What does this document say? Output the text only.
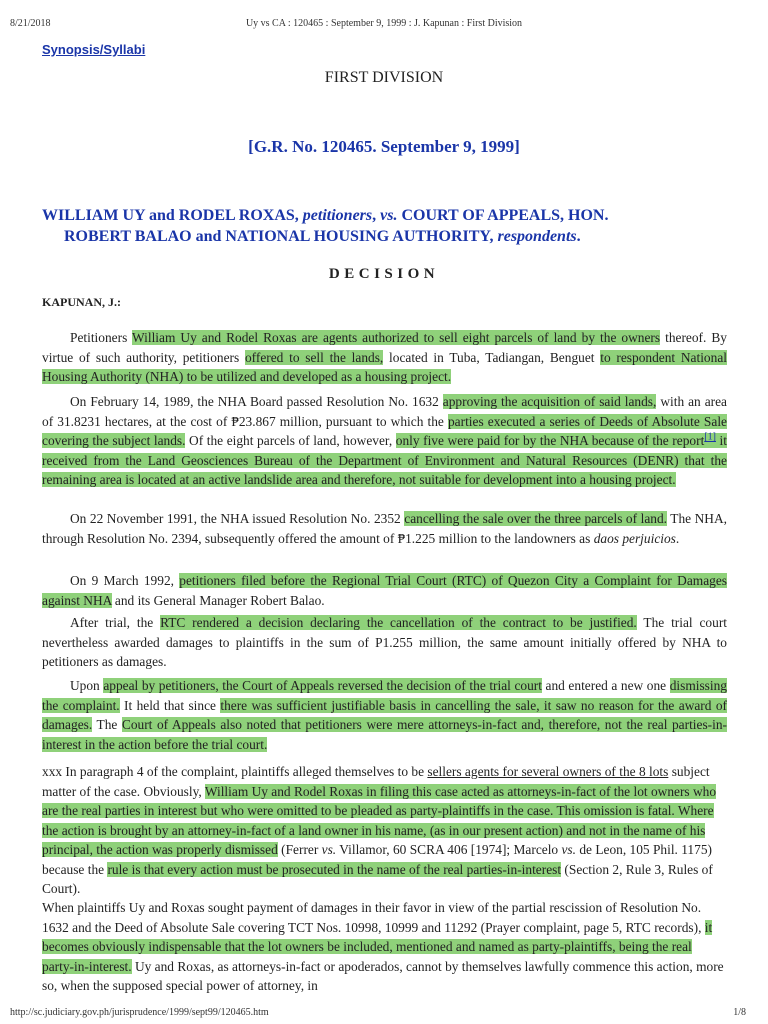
8/21/2018	Uy vs CA : 120465 : September 9, 1999 : J. Kapunan : First Division
Synopsis/Syllabi
FIRST DIVISION
[G.R. No. 120465. September 9, 1999]
WILLIAM UY and RODEL ROXAS, petitioners, vs. COURT OF APPEALS, HON.
ROBERT BALAO and NATIONAL HOUSING AUTHORITY, respondents.
DECISION
KAPUNAN, J.:

Petitioners William Uy and Rodel Roxas are agents authorized to sell eight parcels of land by the owners thereof. By virtue of such authority, petitioners offered to sell the lands, located in Tuba, Tadiangan, Benguet to respondent National Housing Authority (NHA) to be utilized and developed as a housing project.

On February 14, 1989, the NHA Board passed Resolution No. 1632 approving the acquisition of said lands, with an area of 31.8231 hectares, at the cost of ₱23.867 million, pursuant to which the parties executed a series of Deeds of Absolute Sale covering the subject lands. Of the eight parcels of land, however, only five were paid for by the NHA because of the report[1] it received from the Land Geosciences Bureau of the Department of Environment and Natural Resources (DENR) that the remaining area is located at an active landslide area and therefore, not suitable for development into a housing project.

On 22 November 1991, the NHA issued Resolution No. 2352 cancelling the sale over the three parcels of land. The NHA, through Resolution No. 2394, subsequently offered the amount of ₱1.225 million to the landowners as daos perjuicios.

On 9 March 1992, petitioners filed before the Regional Trial Court (RTC) of Quezon City a Complaint for Damages against NHA and its General Manager Robert Balao.

After trial, the RTC rendered a decision declaring the cancellation of the contract to be justified. The trial court nevertheless awarded damages to plaintiffs in the sum of P1.255 million, the same amount initially offered by NHA to petitioners as damages.

Upon appeal by petitioners, the Court of Appeals reversed the decision of the trial court and entered a new one dismissing the complaint. It held that since there was sufficient justifiable basis in cancelling the sale, it saw no reason for the award of damages. The Court of Appeals also noted that petitioners were mere attorneys-in-fact and, therefore, not the real parties-in-interest in the action before the trial court.

xxx In paragraph 4 of the complaint, plaintiffs alleged themselves to be sellers agents for several owners of the 8 lots subject matter of the case. Obviously, William Uy and Rodel Roxas in filing this case acted as attorneys-in-fact of the lot owners who are the real parties in interest but who were omitted to be pleaded as party-plaintiffs in the case. This omission is fatal. Where the action is brought by an attorney-in-fact of a land owner in his name, (as in our present action) and not in the name of his principal, the action was properly dismissed (Ferrer vs. Villamor, 60 SCRA 406 [1974]; Marcelo vs. de Leon, 105 Phil. 1175) because the rule is that every action must be prosecuted in the name of the real parties-in-interest (Section 2, Rule 3, Rules of Court).

When plaintiffs Uy and Roxas sought payment of damages in their favor in view of the partial rescission of Resolution No. 1632 and the Deed of Absolute Sale covering TCT Nos. 10998, 10999 and 11292 (Prayer complaint, page 5, RTC records), it becomes obviously indispensable that the lot owners be included, mentioned and named as party-plaintiffs, being the real party-in-interest. Uy and Roxas, as attorneys-in-fact or apoderados, cannot by themselves lawfully commence this action, more so, when the supposed special power of attorney, in

http://sc.judiciary.gov.ph/jurisprudence/1999/sept99/120465.htm	1/8
